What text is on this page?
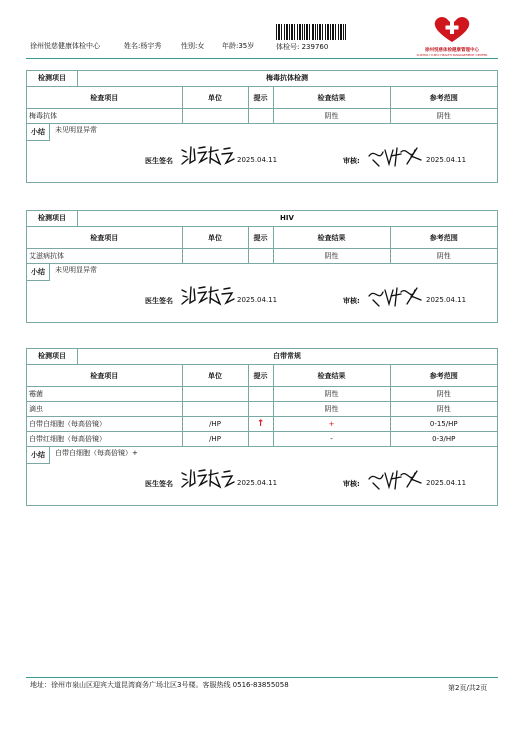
徐州悦慈健康体检中心	姓名:杨宇秀	性别:女	年龄:35岁	体检号: 239760	徐州悦慈体检健康管理中心
XUZHOU YUECI HEALTH MANAGEMENT CENTER
检测项目	梅毒抗体检测
检查项目	单位	提示	检查结果	参考范围
梅毒抗体			阴性	阴性
小结	未见明显异常
医生签名	2025.04.11	审核:	2025.04.11
检测项目	HIV
检查项目	单位	提示	检查结果	参考范围
艾滋病抗体			阴性	阴性
小结	未见明显异常
医生签名	2025.04.11	审核:	2025.04.11
检测项目	白带常规
检查项目	单位	提示	检查结果	参考范围
霉菌			阴性	阴性
滴虫			阴性	阴性
白带白细胞（每高倍镜）	/HP	↑	+	0-15/HP
白带红细胞（每高倍镜）	/HP		-	0-3/HP
小结	白带白细胞（每高倍镜）+
医生签名	2025.04.11	审核:	2025.04.11
地址：徐州市泉山区迎宾大道昆湾商务广场北区3号楼。客服热线 0516-83855058	第2页/共2页
